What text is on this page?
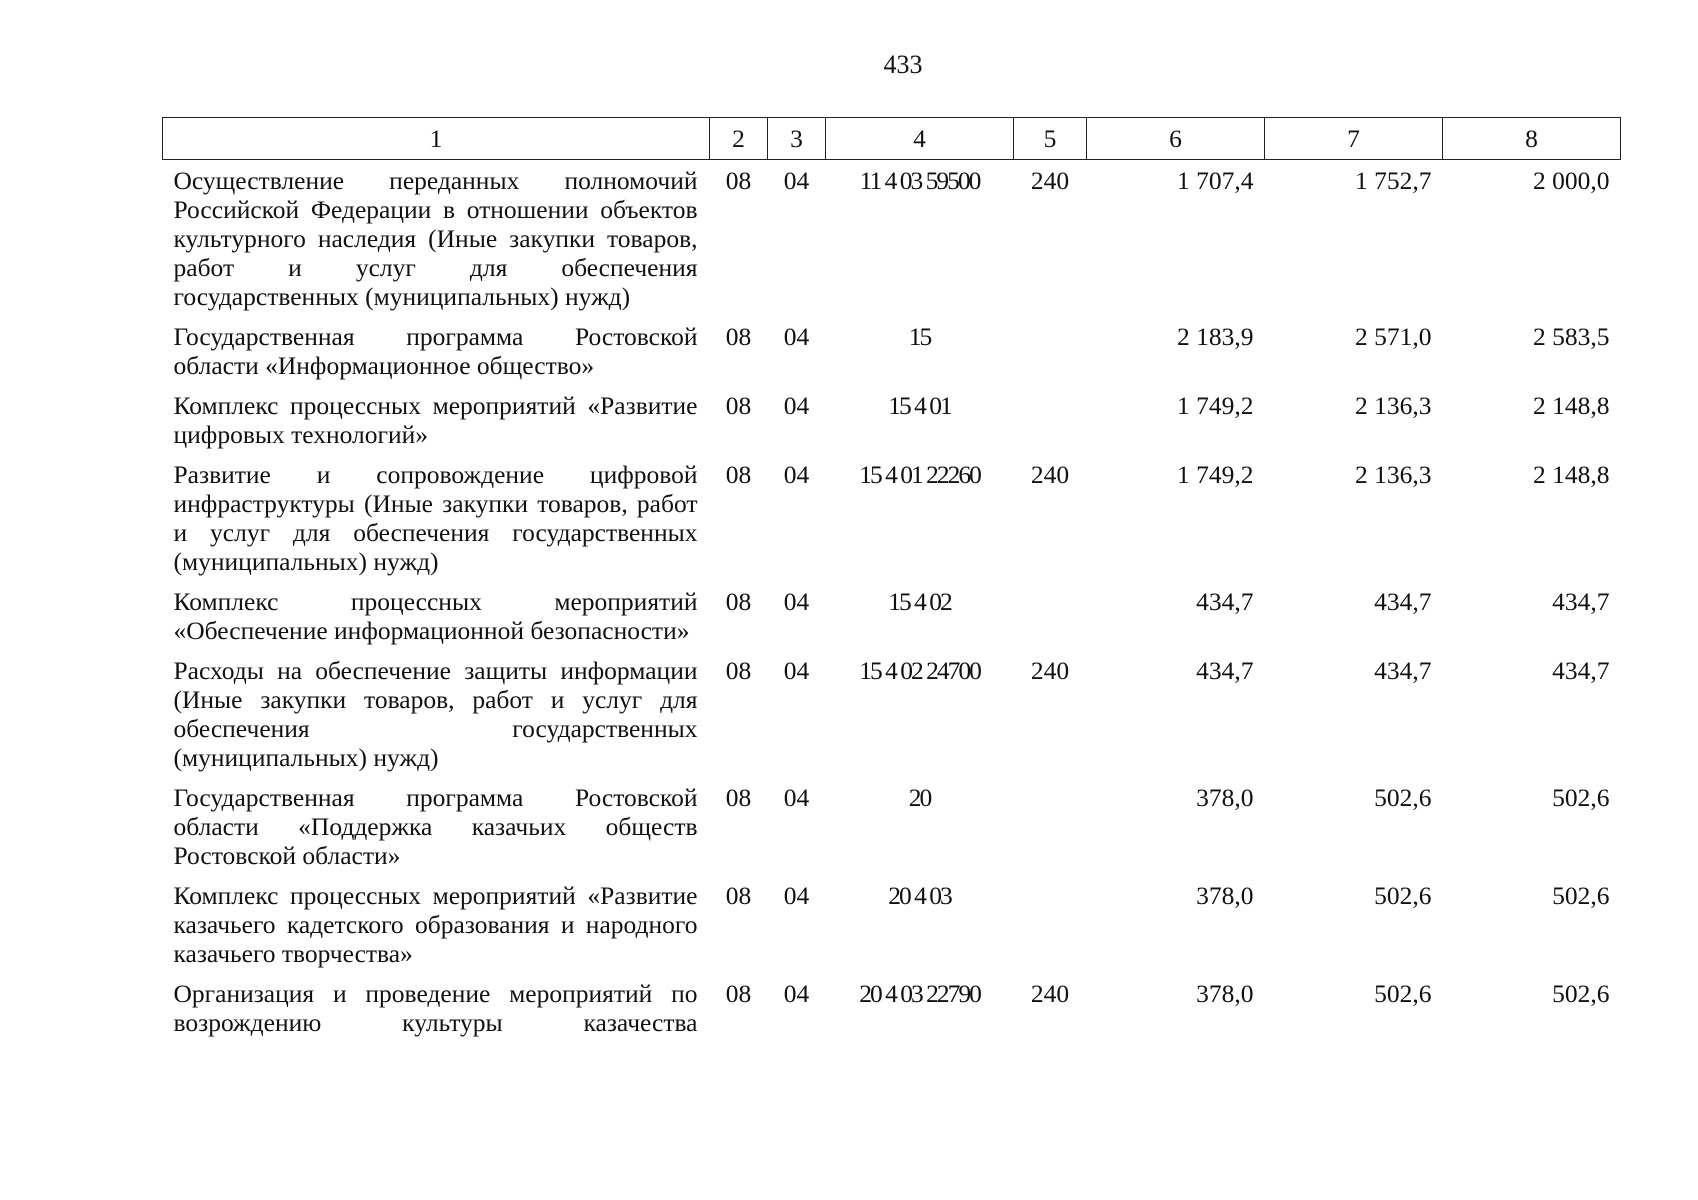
433
1	2	3	4	5	6	7	8
Осуществление переданных полномочий Российской Федерации в отношении объектов культурного наследия (Иные закупки товаров, работ и услуг для обеспечения государственных (муниципальных) нужд)	08	04	11 4 03 59500	240	1 707,4	1 752,7	2 000,0
Государственная программа Ростовской области «Информационное общество»	08	04	15		2 183,9	2 571,0	2 583,5
Комплекс процессных мероприятий «Развитие цифровых технологий»	08	04	15 4 01		1 749,2	2 136,3	2 148,8
Развитие и сопровождение цифровой инфраструктуры (Иные закупки товаров, работ и услуг для обеспечения государственных (муниципальных) нужд)	08	04	15 4 01 22260	240	1 749,2	2 136,3	2 148,8
Комплекс процессных мероприятий «Обеспечение информационной безопасности»	08	04	15 4 02		434,7	434,7	434,7
Расходы на обеспечение защиты информации (Иные закупки товаров, работ и услуг для обеспечения государственных (муниципальных) нужд)	08	04	15 4 02 24700	240	434,7	434,7	434,7
Государственная программа Ростовской области «Поддержка казачьих обществ Ростовской области»	08	04	20		378,0	502,6	502,6
Комплекс процессных мероприятий «Развитие казачьего кадетского образования и народного казачьего творчества»	08	04	20 4 03		378,0	502,6	502,6
Организация и проведение мероприятий по возрождению культуры казачества	08	04	20 4 03 22790	240	378,0	502,6	502,6
